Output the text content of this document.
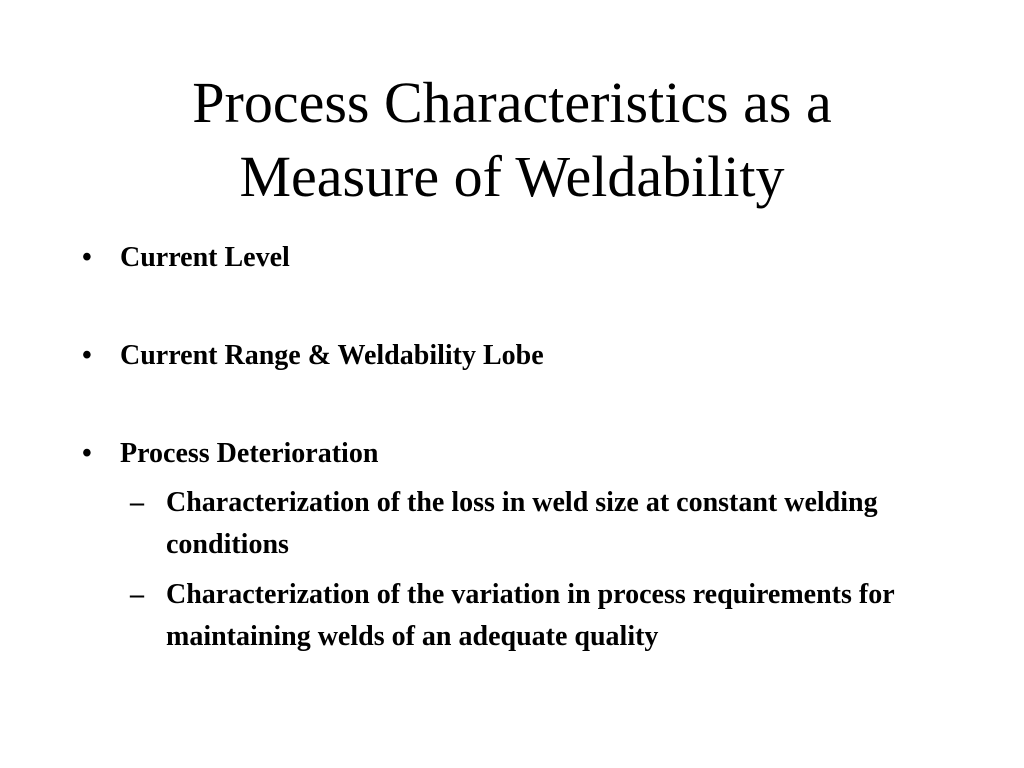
Process Characteristics as a
Measure of Weldability
• Current Level
• Current Range & Weldability Lobe
• Process Deterioration
– Characterization of the loss in weld size at constant welding conditions
– Characterization of the variation in process requirements for maintaining welds of an adequate quality
